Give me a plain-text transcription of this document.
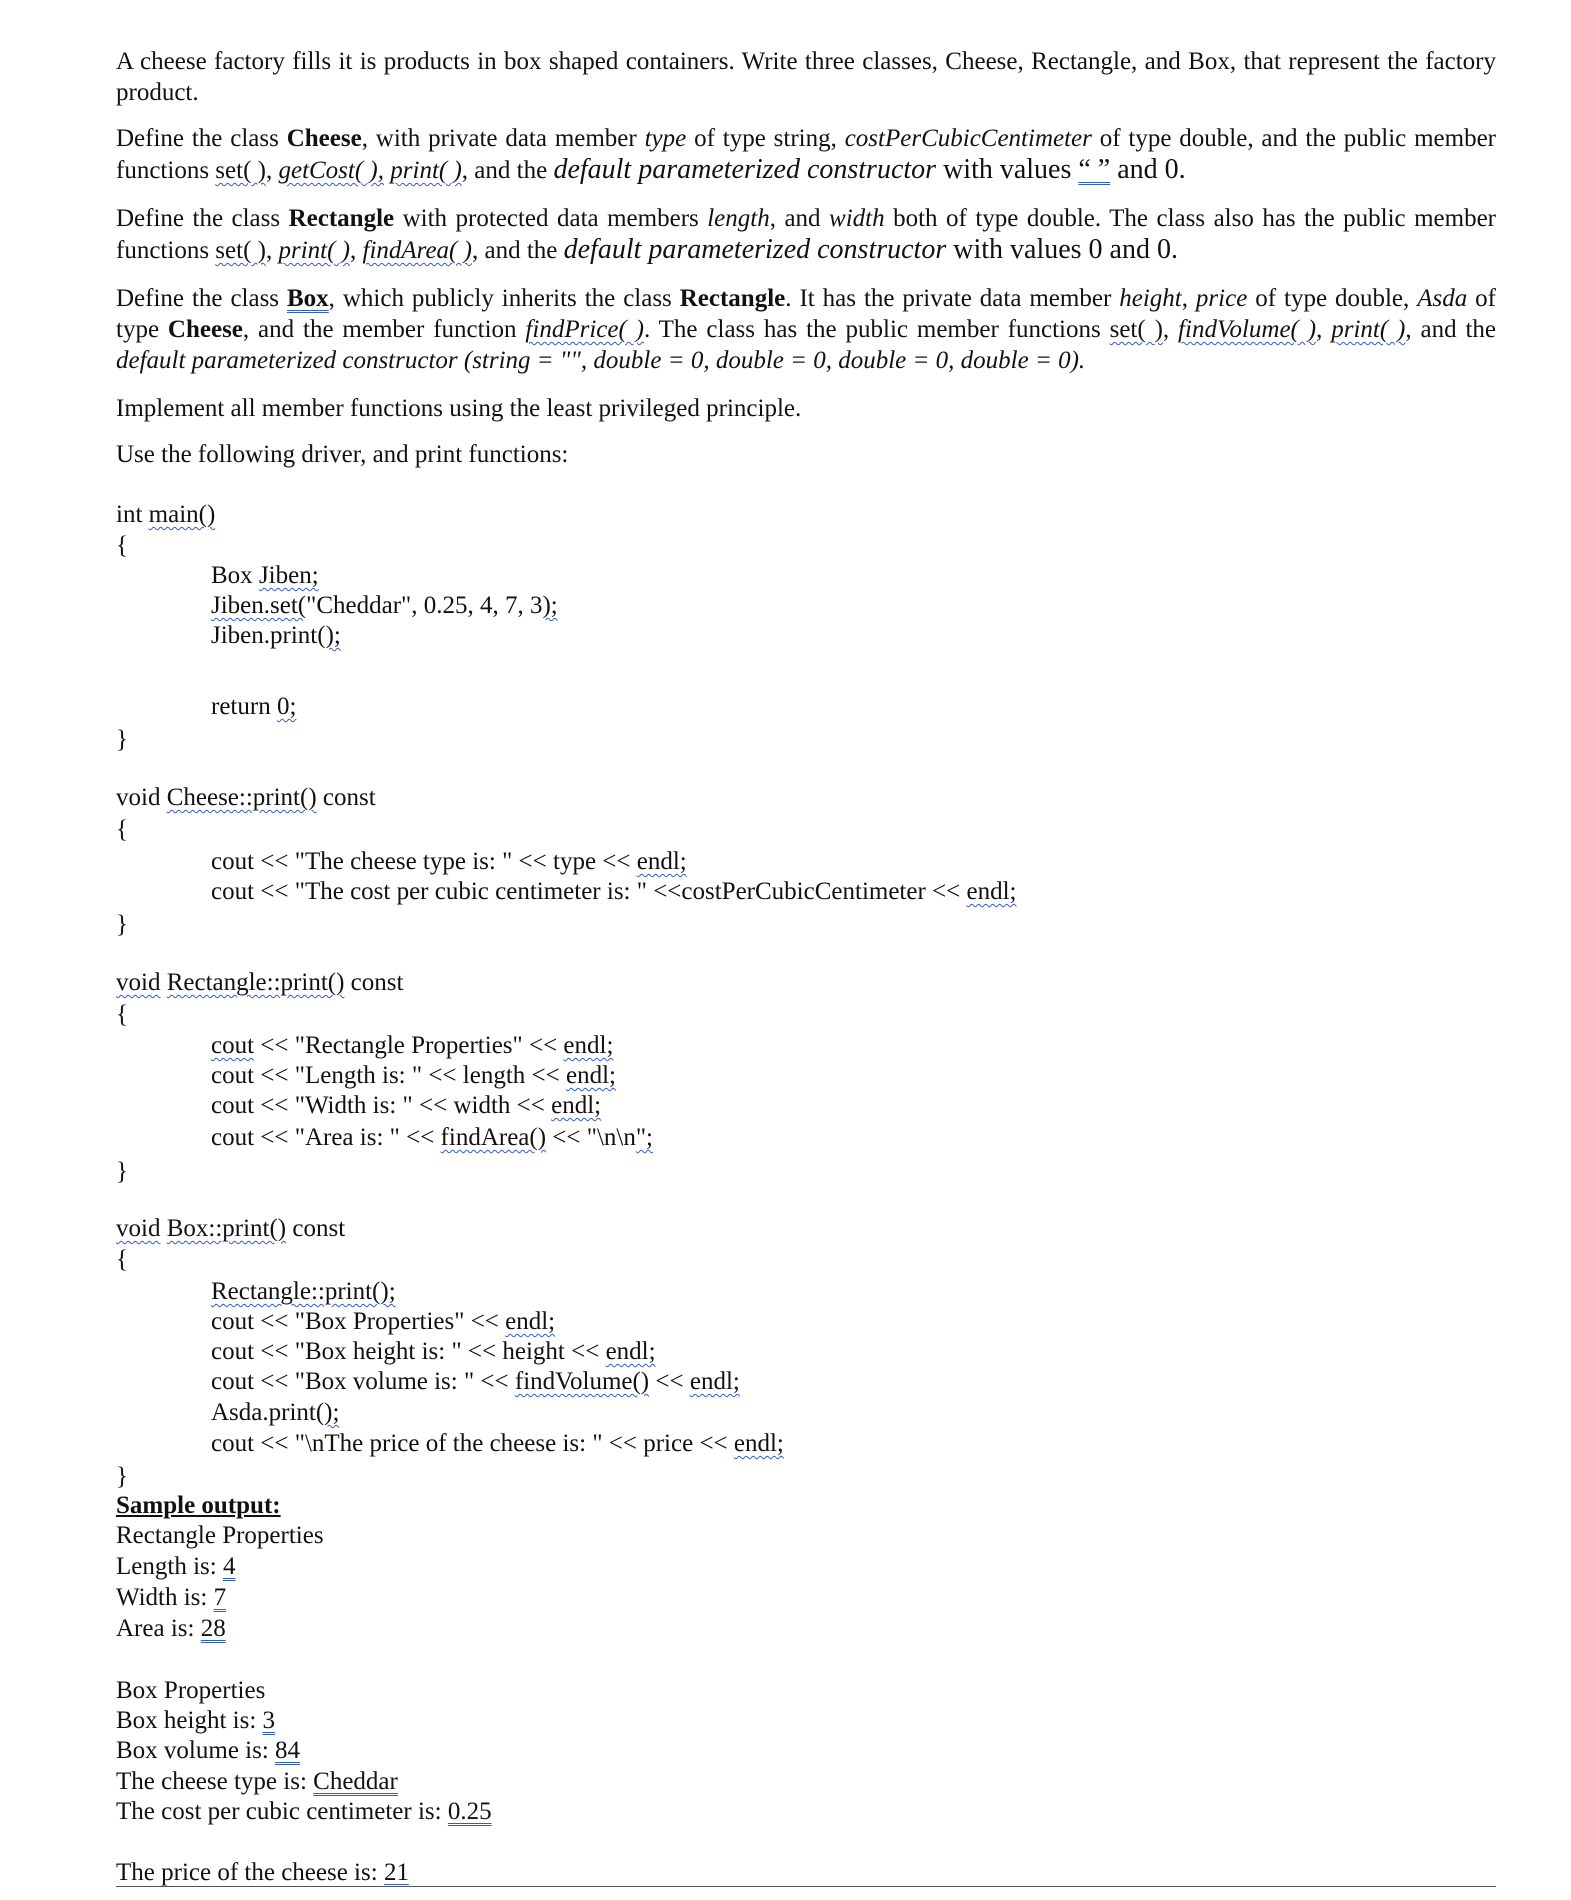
A cheese factory fills it is products in box shaped containers. Write three classes, Cheese, Rectangle, and Box, that represent the factory product.

Define the class Cheese, with private data member type of type string, costPerCubicCentimeter of type double, and the public member functions set( ), getCost( ), print( ), and the default parameterized constructor with values “ ” and 0.

Define the class Rectangle with protected data members length, and width both of type double. The class also has the public member functions set( ), print( ), findArea( ), and the default parameterized constructor with values 0 and 0.

Define the class Box, which publicly inherits the class Rectangle. It has the private data member height, price of type double, Asda of type Cheese, and the member function findPrice( ). The class has the public member functions set( ), findVolume( ), print( ), and the default parameterized constructor (string = "", double = 0, double = 0, double = 0, double = 0).

Implement all member functions using the least privileged principle.

Use the following driver, and print functions:

int main()
{
Box Jiben;
Jiben.set("Cheddar", 0.25, 4, 7, 3);
Jiben.print();
return 0;
}
void Cheese::print() const
{
cout << "The cheese type is: " << type << endl;
cout << "The cost per cubic centimeter is: " <<costPerCubicCentimeter << endl;
}
void Rectangle::print() const
{
cout << "Rectangle Properties" << endl;
cout << "Length is: " << length << endl;
cout << "Width is: " << width << endl;
cout << "Area is: " << findArea() << "\n\n";
}
void Box::print() const
{
Rectangle::print();
cout << "Box Properties" << endl;
cout << "Box height is: " << height << endl;
cout << "Box volume is: " << findVolume() << endl;
Asda.print();
cout << "\nThe price of the cheese is: " << price << endl;
}
Sample output:
Rectangle Properties
Length is: 4
Width is: 7
Area is: 28
Box Properties
Box height is: 3
Box volume is: 84
The cheese type is: Cheddar
The cost per cubic centimeter is: 0.25
The price of the cheese is: 21
